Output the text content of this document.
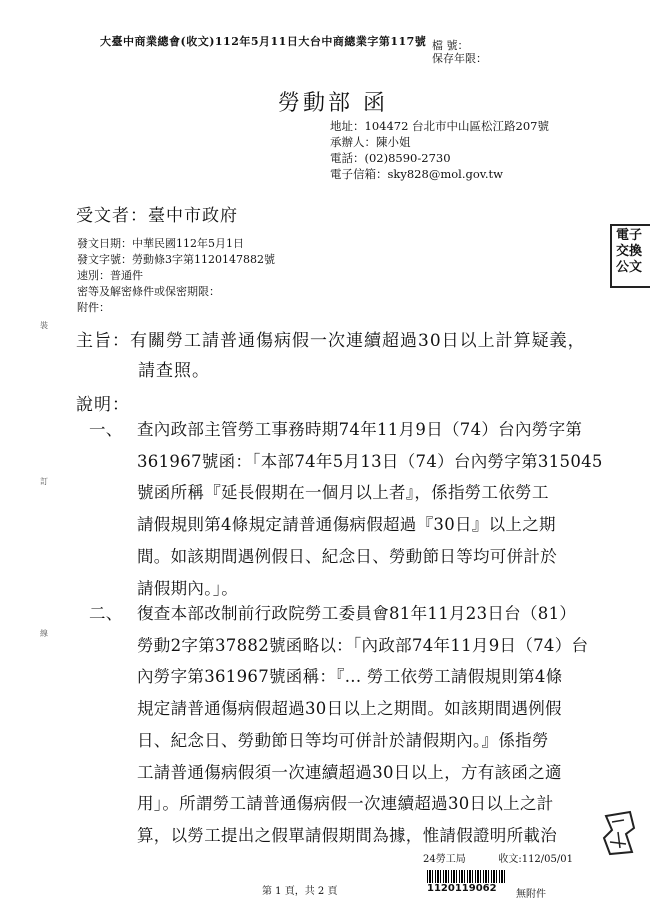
大臺中商業總會(收文)112年5月11日大台中商總業字第117號 檔 號：
保存年限：
勞動部 函
地址：104472 台北市中山區松江路207號
承辦人：陳小姐
電話：(02)8590-2730
電子信箱：sky828@mol.gov.tw
受文者：臺中市政府
發文日期：中華民國112年5月1日
發文字號：勞動條3字第1120147882號
速別：普通件
密等及解密條件或保密期限：
附件：
裝
訂
線
電子交換公文
主旨：有關勞工請普通傷病假一次連續超過30日以上計算疑義，
請查照。
說明：
一、 查內政部主管勞工事務時期74年11月9日（74）台內勞字第
361967號函：「本部74年5月13日（74）台內勞字第315045
號函所稱『延長假期在一個月以上者』，係指勞工依勞工
請假規則第4條規定請普通傷病假超過『30日』以上之期
間。如該期間遇例假日、紀念日、勞動節日等均可併計於
請假期內。」。
二、 復查本部改制前行政院勞工委員會81年11月23日台（81）
勞動2字第37882號函略以：「內政部74年11月9日（74）台
內勞字第361967號函稱：『... 勞工依勞工請假規則第4條
規定請普通傷病假超過30日以上之期間。如該期間遇例假
日、紀念日、勞動節日等均可併計於請假期內。』係指勞
工請普通傷病假須一次連續超過30日以上，方有該函之適
用」。所謂勞工請普通傷病假一次連續超過30日以上之計
算，以勞工提出之假單請假期間為據，惟請假證明所載治
24勞工局	收文:112/05/01
1120119062
無附件
第 1 頁，共 2 頁
